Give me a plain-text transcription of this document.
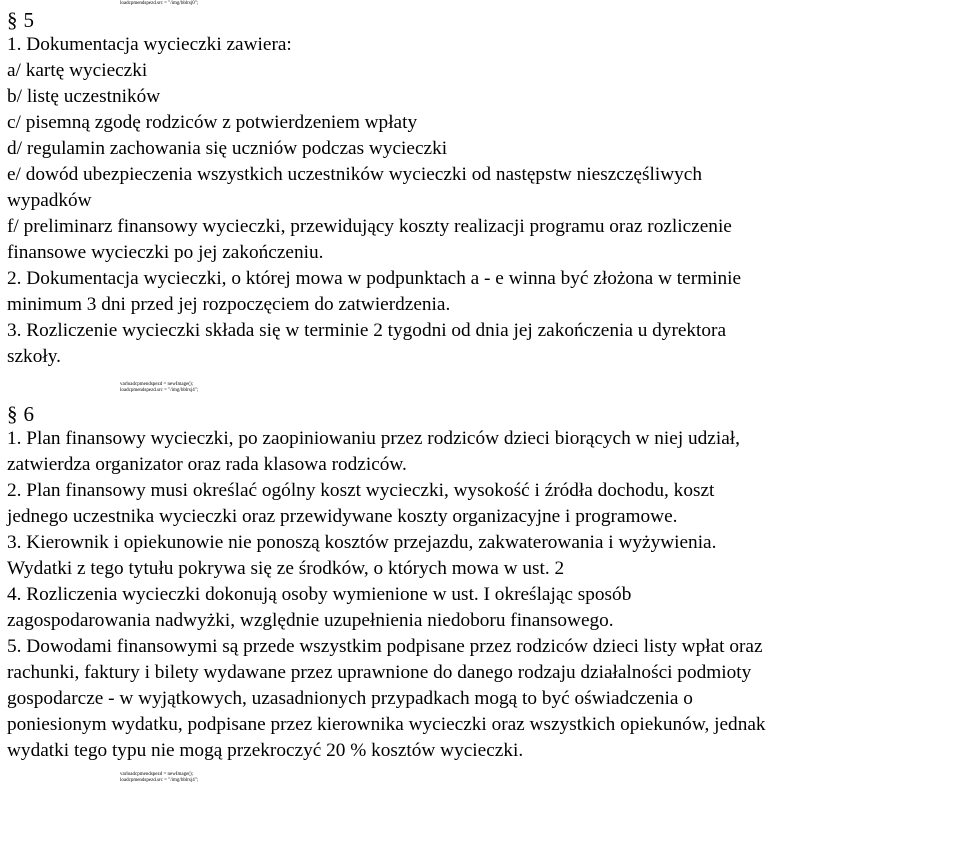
loadcpmendspezd.src = "/img/bblrsj0";
§ 5
1. Dokumentacja wycieczki zawiera:
a/ kartę wycieczki
b/ listę uczestników
c/ pisemną zgodę rodziców z potwierdzeniem wpłaty
d/ regulamin zachowania się uczniów podczas wycieczki
e/ dowód ubezpieczenia wszystkich uczestników wycieczki od następstw nieszczęśliwych
wypadków
f/ preliminarz finansowy wycieczki, przewidujący koszty realizacji programu oraz rozliczenie
finansowe wycieczki po jej zakończeniu.
2. Dokumentacja wycieczki, o której mowa w podpunktach a - e winna być złożona w terminie
minimum 3 dni przed jej rozpoczęciem do zatwierdzenia.
3. Rozliczenie wycieczki składa się w terminie 2 tygodni od dnia jej zakończenia u dyrektora
szkoły.
varloadcpmendspezd = newImage();
loadcpmendspezd.src = "/img/bblrsj4";
§ 6
1. Plan finansowy wycieczki, po zaopiniowaniu przez rodziców dzieci biorących w niej udział,
zatwierdza organizator oraz rada klasowa rodziców.
2. Plan finansowy musi określać ogólny koszt wycieczki, wysokość i źródła dochodu, koszt
jednego uczestnika wycieczki oraz przewidywane koszty organizacyjne i programowe.
3. Kierownik i opiekunowie nie ponoszą kosztów przejazdu, zakwaterowania i wyżywienia.
Wydatki z tego tytułu pokrywa się ze środków, o których mowa w ust. 2
4. Rozliczenia wycieczki dokonują osoby wymienione w ust. I określając sposób
zagospodarowania nadwyżki, względnie uzupełnienia niedoboru finansowego.
5. Dowodami finansowymi są przede wszystkim podpisane przez rodziców dzieci listy wpłat oraz
rachunki, faktury i bilety wydawane przez uprawnione do danego rodzaju działalności podmioty
gospodarcze - w wyjątkowych, uzasadnionych przypadkach mogą to być oświadczenia o
poniesionym wydatku, podpisane przez kierownika wycieczki oraz wszystkich opiekunów, jednak
wydatki tego typu nie mogą przekroczyć 20 % kosztów wycieczki.
varloadcpmendspezd = newImage();
loadcpmendspezd.src = "/img/bblrsj4";
